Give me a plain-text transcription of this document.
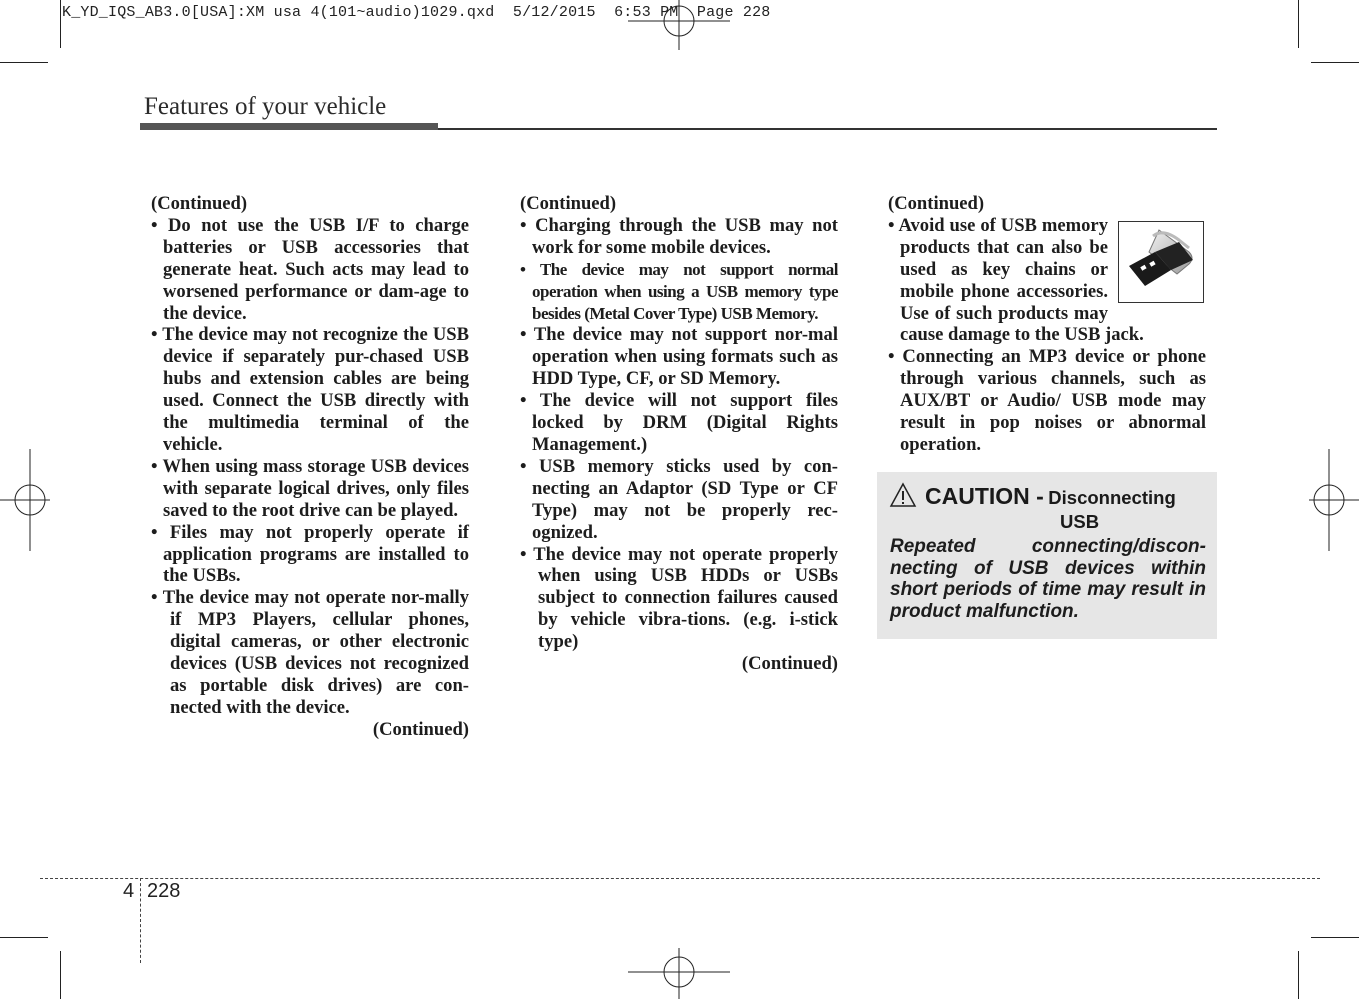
K_YD_IQS_AB3.0[USA]:XM usa 4(101~audio)1029.qxd  5/12/2015  6:53 PM  Page 228
Features of your vehicle
(Continued)

• Do not use the USB I/F to charge batteries or USB accessories that generate heat. Such acts may lead to worsened performance or dam-age to the device.

• The device may not recognize the USB device if separately pur-chased USB hubs and extension cables are being used. Connect the USB directly with the multimedia terminal of the vehicle.

• When using mass storage USB devices with separate logical drives, only files saved to the root drive can be played.

• Files may not properly operate if application programs are installed to the USBs.

• The device may not operate nor-mally if MP3 Players, cellular phones, digital cameras, or other electronic devices (USB devices not recognized as portable disk drives) are con-nected with the device.

(Continued)
(Continued)

• Charging through the USB may not work for some mobile devices.

• The device may not support normal operation when using a USB memory type besides (Metal Cover Type) USB Memory.

• The device may not support nor-mal operation when using formats such as HDD Type, CF, or SD Memory.

• The device will not support files locked by DRM (Digital Rights Management.)

• USB memory sticks used by con-necting an Adaptor (SD Type or CF Type) may not be properly rec-ognized.

• The device may not operate properly when using USB HDDs or USBs subject to connection failures caused by vehicle vibra-tions. (e.g. i-stick type)

(Continued)
(Continued)

• Avoid use of USB memory products that can also be used as key chains or mobile phone accessories. Use of such products may cause damage to the USB jack.

• Connecting an MP3 device or phone through various channels, such as AUX/BT or Audio/ USB mode may result in pop noises or abnormal operation.

CAUTION - Disconnecting
USB
Repeated connecting/discon-necting of USB devices within short periods of time may result in product malfunction.
4 228
